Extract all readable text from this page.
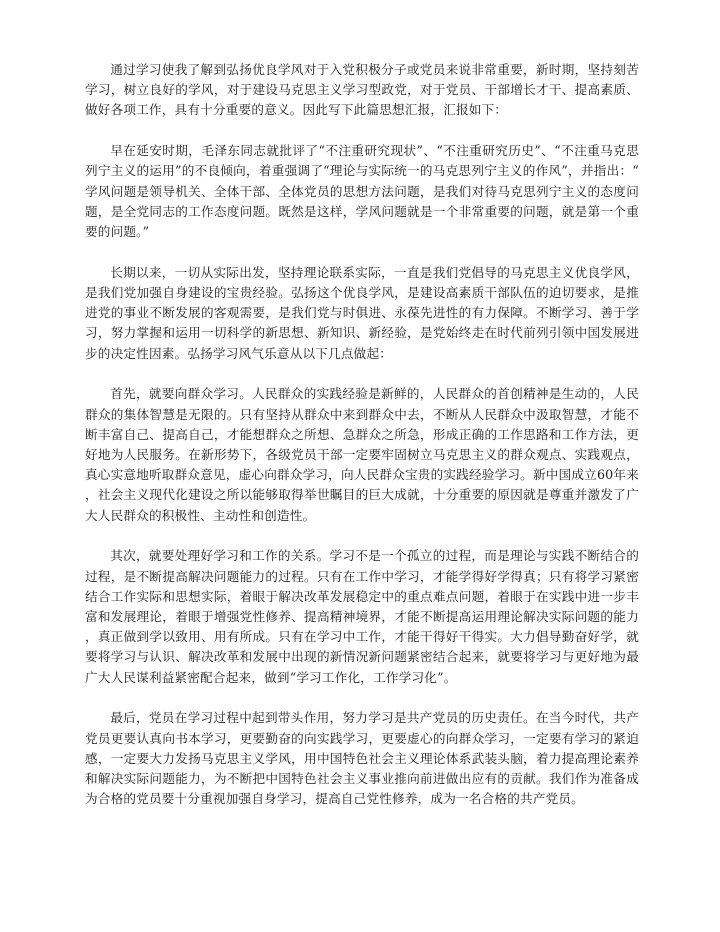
通过学习使我了解到弘扬优良学风对于入党积极分子或党员来说非常重要，新时期，坚持刻苦学习，树立良好的学风，对于建设马克思主义学习型政党，对于党员、干部增长才干、提高素质、做好各项工作，具有十分重要的意义。因此写下此篇思想汇报，汇报如下：

早在延安时期，毛泽东同志就批评了“不注重研究现状”、“不注重研究历史”、“不注重马克思列宁主义的运用”的不良倾向，着重强调了“理论与实际统一的马克思列宁主义的作风”，并指出：“学风问题是领导机关、全体干部、全体党员的思想方法问题，是我们对待马克思列宁主义的态度问题，是全党同志的工作态度问题。既然是这样，学风问题就是一个非常重要的问题，就是第一个重要的问题。”

长期以来，一切从实际出发，坚持理论联系实际，一直是我们党倡导的马克思主义优良学风，是我们党加强自身建设的宝贵经验。弘扬这个优良学风，是建设高素质干部队伍的迫切要求，是推进党的事业不断发展的客观需要，是我们党与时俱进、永葆先进性的有力保障。不断学习、善于学习，努力掌握和运用一切科学的新思想、新知识、新经验，是党始终走在时代前列引领中国发展进步的决定性因素。弘扬学习风气乐意从以下几点做起：

首先，就要向群众学习。人民群众的实践经验是新鲜的，人民群众的首创精神是生动的，人民群众的集体智慧是无限的。只有坚持从群众中来到群众中去，不断从人民群众中汲取智慧，才能不断丰富自己、提高自己，才能想群众之所想、急群众之所急，形成正确的工作思路和工作方法，更好地为人民服务。在新形势下，各级党员干部一定要牢固树立马克思主义的群众观点、实践观点，真心实意地听取群众意见，虚心向群众学习，向人民群众宝贵的实践经验学习。新中国成立60年来，社会主义现代化建设之所以能够取得举世瞩目的巨大成就，十分重要的原因就是尊重并激发了广大人民群众的积极性、主动性和创造性。

其次，就要处理好学习和工作的关系。学习不是一个孤立的过程，而是理论与实践不断结合的过程，是不断提高解决问题能力的过程。只有在工作中学习，才能学得好学得真；只有将学习紧密结合工作实际和思想实际，着眼于解决改革发展稳定中的重点难点问题，着眼于在实践中进一步丰富和发展理论，着眼于增强党性修养、提高精神境界，才能不断提高运用理论解决实际问题的能力，真正做到学以致用、用有所成。只有在学习中工作，才能干得好干得实。大力倡导勤奋好学，就要将学习与认识、解决改革和发展中出现的新情况新问题紧密结合起来，就要将学习与更好地为最广大人民谋利益紧密配合起来，做到“学习工作化，工作学习化”。

最后，党员在学习过程中起到带头作用，努力学习是共产党员的历史责任。在当今时代，共产党员更要认真向书本学习，更要勤奋的向实践学习，更要虚心的向群众学习，一定要有学习的紧迫感，一定要大力发扬马克思主义学风，用中国特色社会主义理论体系武装头脑，着力提高理论素养和解决实际问题能力，为不断把中国特色社会主义事业推向前进做出应有的贡献。我们作为准备成为合格的党员要十分重视加强自身学习，提高自己党性修养，成为一名合格的共产党员。
